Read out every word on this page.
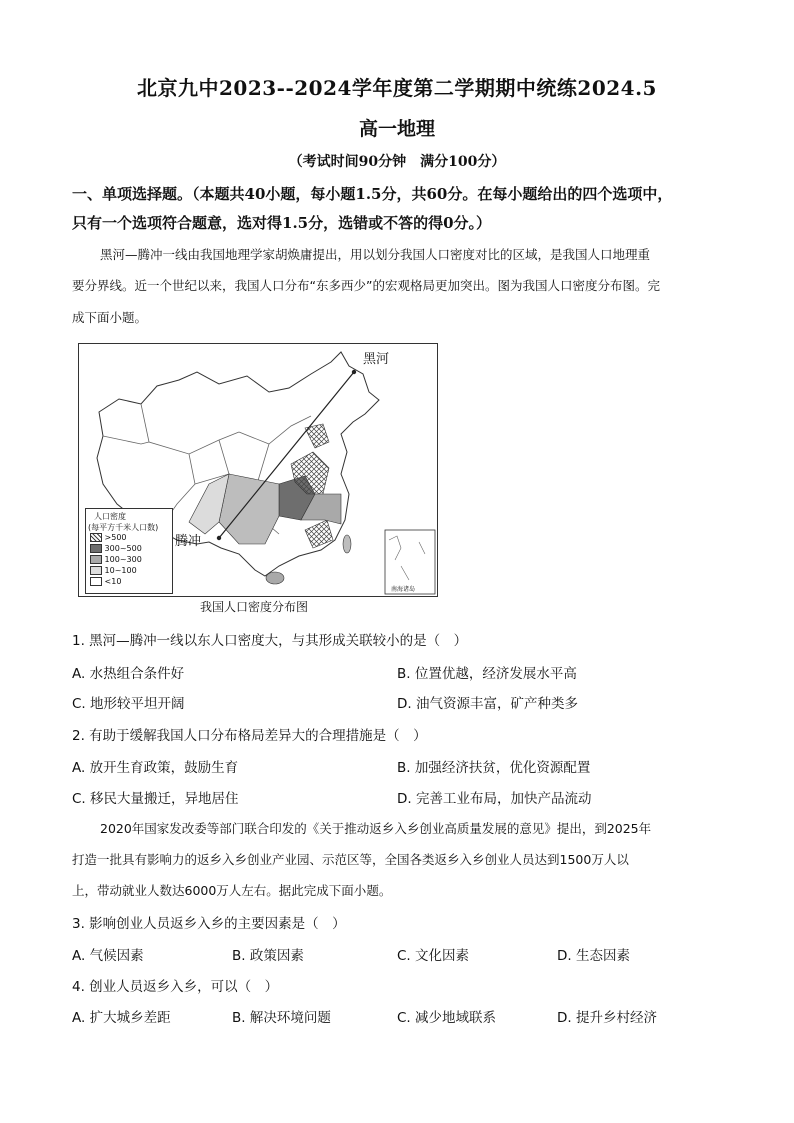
北京九中2023--2024学年度第二学期期中统练2024.5
高一地理
（考试时间90分钟　满分100分）
一、单项选择题。（本题共40小题，每小题1.5分，共60分。在每小题给出的四个选项中，
只有一个选项符合题意，选对得1.5分，选错或不答的得0分。）
黑河—腾冲一线由我国地理学家胡焕庸提出，用以划分我国人口密度对比的区域，是我国人口地理重
要分界线。近一个世纪以来，我国人口分布“东多西少”的宏观格局更加突出。图为我国人口密度分布图。完
成下面小题。
黑河
腾冲
人口密度
(每平方千米人口数)
>500
300~500
100~300
10~100
<10
南海诸岛
我国人口密度分布图
1. 黑河—腾冲一线以东人口密度大，与其形成关联较小的是（　）
A. 水热组合条件好	B. 位置优越，经济发展水平高
C. 地形较平坦开阔	D. 油气资源丰富，矿产种类多
2. 有助于缓解我国人口分布格局差异大的合理措施是（　）
A. 放开生育政策，鼓励生育	B. 加强经济扶贫，优化资源配置
C. 移民大量搬迁，异地居住	D. 完善工业布局，加快产品流动
2020年国家发改委等部门联合印发的《关于推动返乡入乡创业高质量发展的意见》提出，到2025年
打造一批具有影响力的返乡入乡创业产业园、示范区等，全国各类返乡入乡创业人员达到1500万人以
上，带动就业人数达6000万人左右。据此完成下面小题。
3. 影响创业人员返乡入乡的主要因素是（　）
A. 气候因素	B. 政策因素	C. 文化因素	D. 生态因素
4. 创业人员返乡入乡，可以（　）
A. 扩大城乡差距	B. 解决环境问题	C. 减少地域联系	D. 提升乡村经济
